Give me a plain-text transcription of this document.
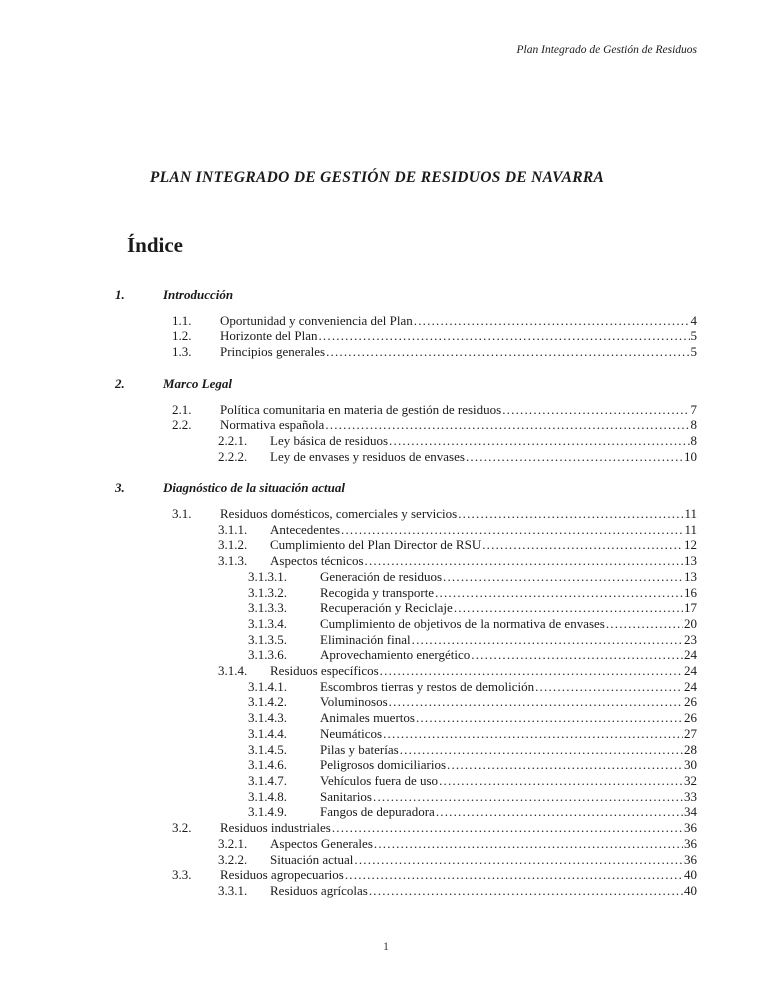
Plan Integrado de Gestión de Residuos
PLAN INTEGRADO DE GESTIÓN DE RESIDUOS DE NAVARRA
Índice
1.	Introducción
1.1.	Oportunidad y conveniencia del Plan .....	4
1.2.	Horizonte del Plan .....	5
1.3.	Principios generales .....	5
2.	Marco Legal
2.1.	Política comunitaria en materia de gestión de residuos .....	7
2.2.	Normativa española .....	8
2.2.1.	Ley básica de residuos .....	8
2.2.2.	Ley de envases y residuos de envases .....	10
3.	Diagnóstico de la situación actual
3.1.	Residuos domésticos, comerciales y servicios .....	11
3.1.1.	Antecedentes .....	11
3.1.2.	Cumplimiento del Plan Director de RSU .....	12
3.1.3.	Aspectos técnicos .....	13
3.1.3.1.	Generación de residuos .....	13
3.1.3.2.	Recogida y transporte .....	16
3.1.3.3.	Recuperación y Reciclaje .....	17
3.1.3.4.	Cumplimiento de objetivos de la normativa de envases .....	20
3.1.3.5.	Eliminación final .....	23
3.1.3.6.	Aprovechamiento energético .....	24
3.1.4.	Residuos específicos .....	24
3.1.4.1.	Escombros tierras y restos de demolición .....	24
3.1.4.2.	Voluminosos .....	26
3.1.4.3.	Animales muertos .....	26
3.1.4.4.	Neumáticos .....	27
3.1.4.5.	Pilas y baterías .....	28
3.1.4.6.	Peligrosos domiciliarios .....	30
3.1.4.7.	Vehículos fuera de uso .....	32
3.1.4.8.	Sanitarios .....	33
3.1.4.9.	Fangos de depuradora .....	34
3.2.	Residuos industriales .....	36
3.2.1.	Aspectos Generales .....	36
3.2.2.	Situación actual .....	36
3.3.	Residuos agropecuarios .....	40
3.3.1.	Residuos agrícolas .....	40
1
